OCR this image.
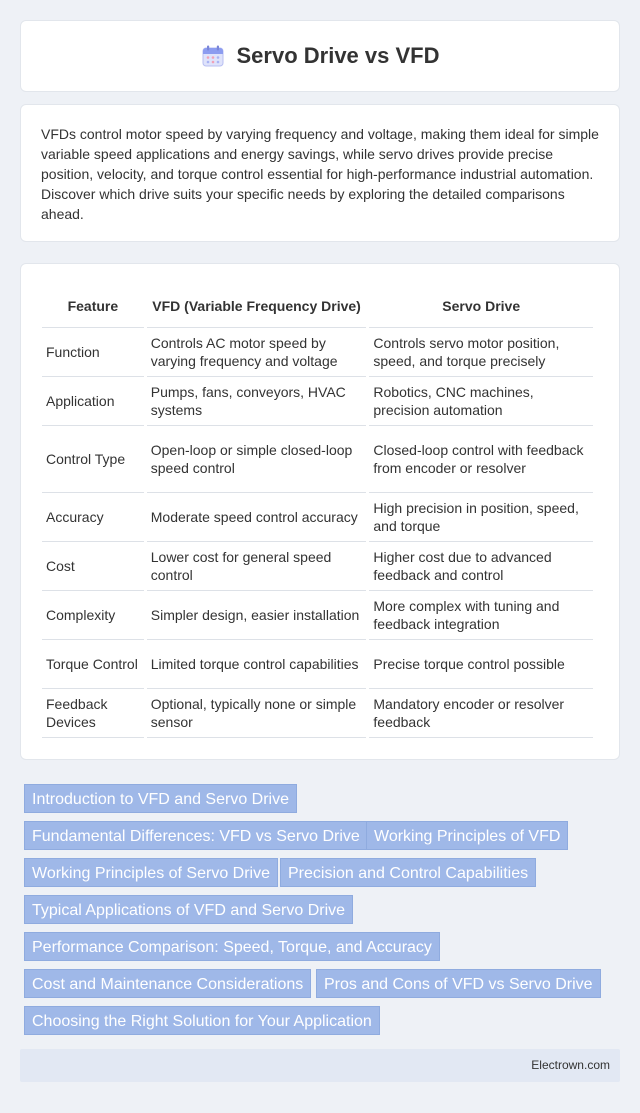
Servo Drive vs VFD

VFDs control motor speed by varying frequency and voltage, making them ideal for simple variable speed applications and energy savings, while servo drives provide precise position, velocity, and torque control essential for high-performance industrial automation. Discover which drive suits your specific needs by exploring the detailed comparisons ahead.

Feature	VFD (Variable Frequency Drive)	Servo Drive
Function	Controls AC motor speed by varying frequency and voltage	Controls servo motor position, speed, and torque precisely
Application	Pumps, fans, conveyors, HVAC systems	Robotics, CNC machines, precision automation
Control Type	Open-loop or simple closed-loop speed control	Closed-loop control with feedback from encoder or resolver
Accuracy	Moderate speed control accuracy	High precision in position, speed, and torque
Cost	Lower cost for general speed control	Higher cost due to advanced feedback and control
Complexity	Simpler design, easier installation	More complex with tuning and feedback integration
Torque Control	Limited torque control capabilities	Precise torque control possible
Feedback Devices	Optional, typically none or simple sensor	Mandatory encoder or resolver feedback
Introduction to VFD and Servo Drive
Fundamental Differences: VFD vs Servo Drive Working Principles of VFD
Working Principles of Servo Drive	Precision and Control Capabilities
Typical Applications of VFD and Servo Drive
Performance Comparison: Speed, Torque, and Accuracy
Cost and Maintenance Considerations	Pros and Cons of VFD vs Servo Drive
Choosing the Right Solution for Your Application
Electrown.com
